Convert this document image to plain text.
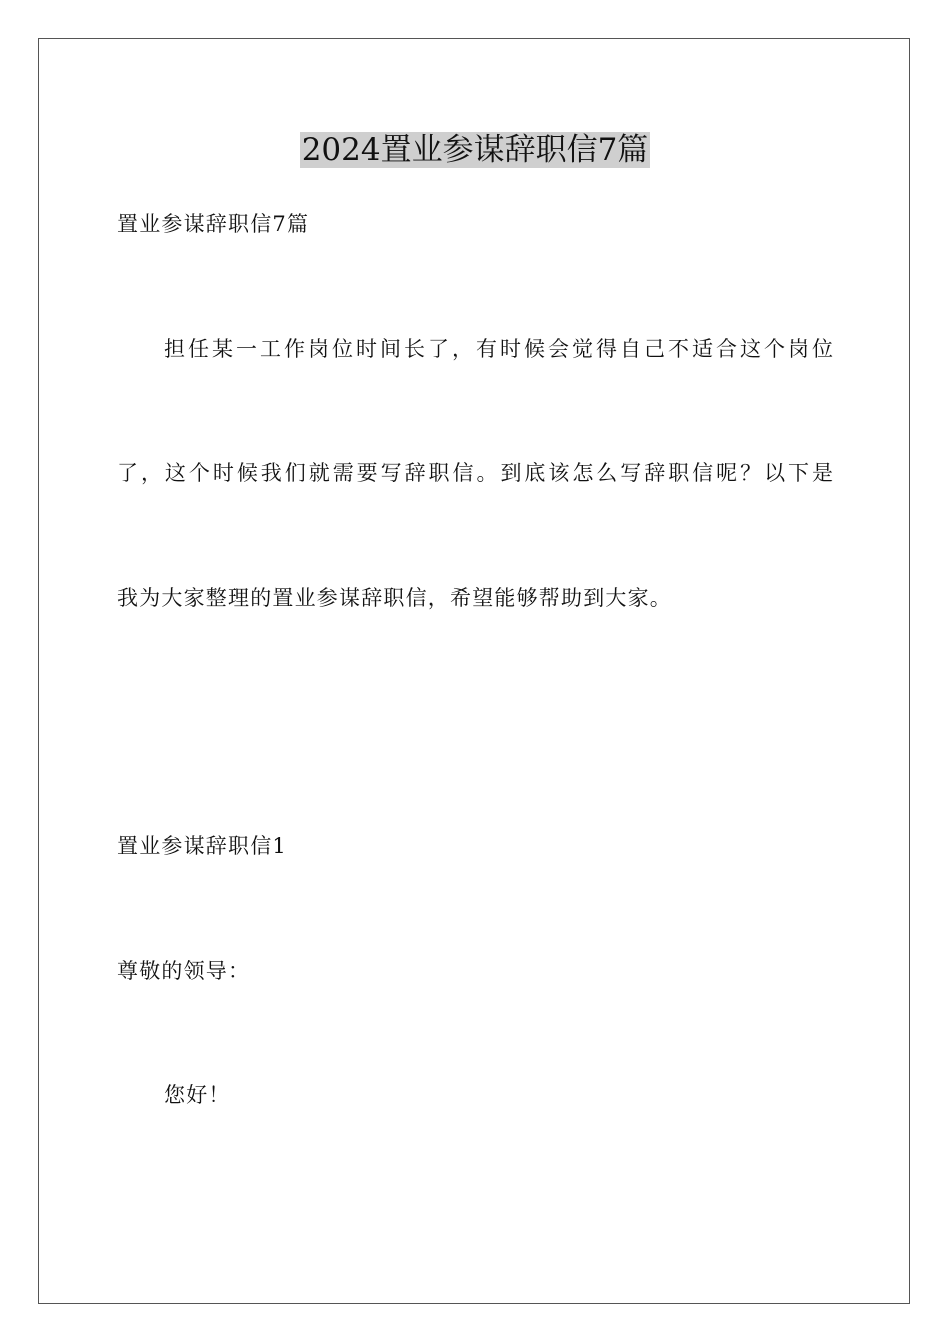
2024置业参谋辞职信7篇
置业参谋辞职信7篇
担任某一工作岗位时间长了，有时候会觉得自己不适合这个岗位
了，这个时候我们就需要写辞职信。到底该怎么写辞职信呢？以下是
我为大家整理的置业参谋辞职信，希望能够帮助到大家。
置业参谋辞职信1
尊敬的领导：
您好！
